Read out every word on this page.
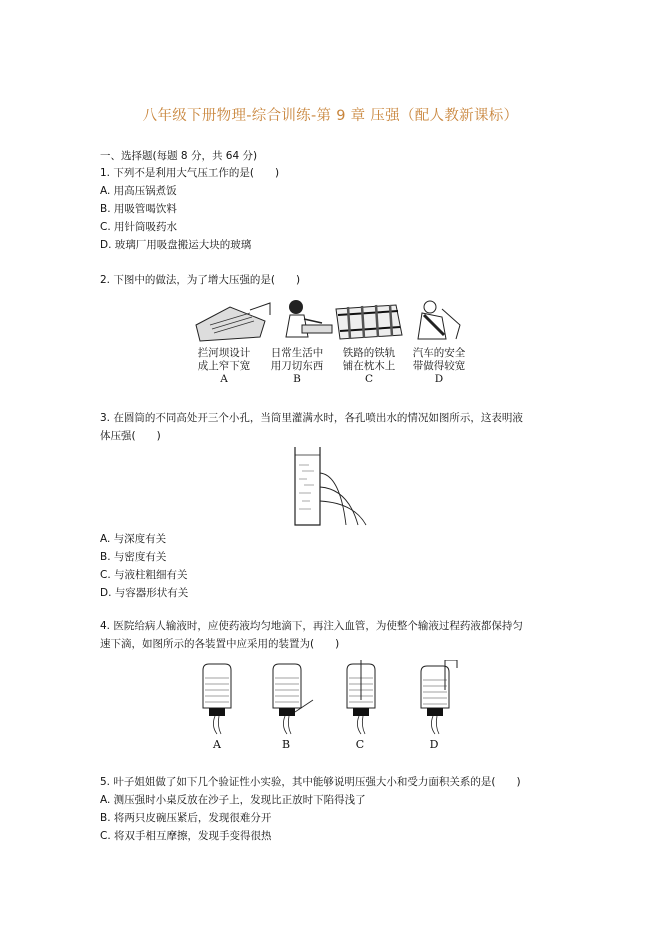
八年级下册物理-综合训练-第 9 章 压强（配人教新课标）
一、选择题(每题 8 分，共 64 分)
1. 下列不是利用大气压工作的是(　　)
A. 用高压锅煮饭
B. 用吸管喝饮料
C. 用针筒吸药水
D. 玻璃厂用吸盘搬运大块的玻璃
2. 下图中的做法，为了增大压强的是(　　)
拦河坝设计
成上窄下宽
A
日常生活中
用刀切东西
B
铁路的铁轨
铺在枕木上
C
汽车的安全
带做得较宽
D
3. 在圆筒的不同高处开三个小孔，当筒里灌满水时，各孔喷出水的情况如图所示，这表明液
体压强(　　)
A. 与深度有关
B. 与密度有关
C. 与液柱粗细有关
D. 与容器形状有关
4. 医院给病人输液时，应使药液均匀地滴下，再注入血管，为使整个输液过程药液都保持匀
速下滴，如图所示的各装置中应采用的装置为(　　)
A	B	C	D
5. 叶子姐姐做了如下几个验证性小实验，其中能够说明压强大小和受力面积关系的是(　　)
A. 测压强时小桌反放在沙子上，发现比正放时下陷得浅了
B. 将两只皮碗压紧后，发现很难分开
C. 将双手相互摩擦，发现手变得很热
